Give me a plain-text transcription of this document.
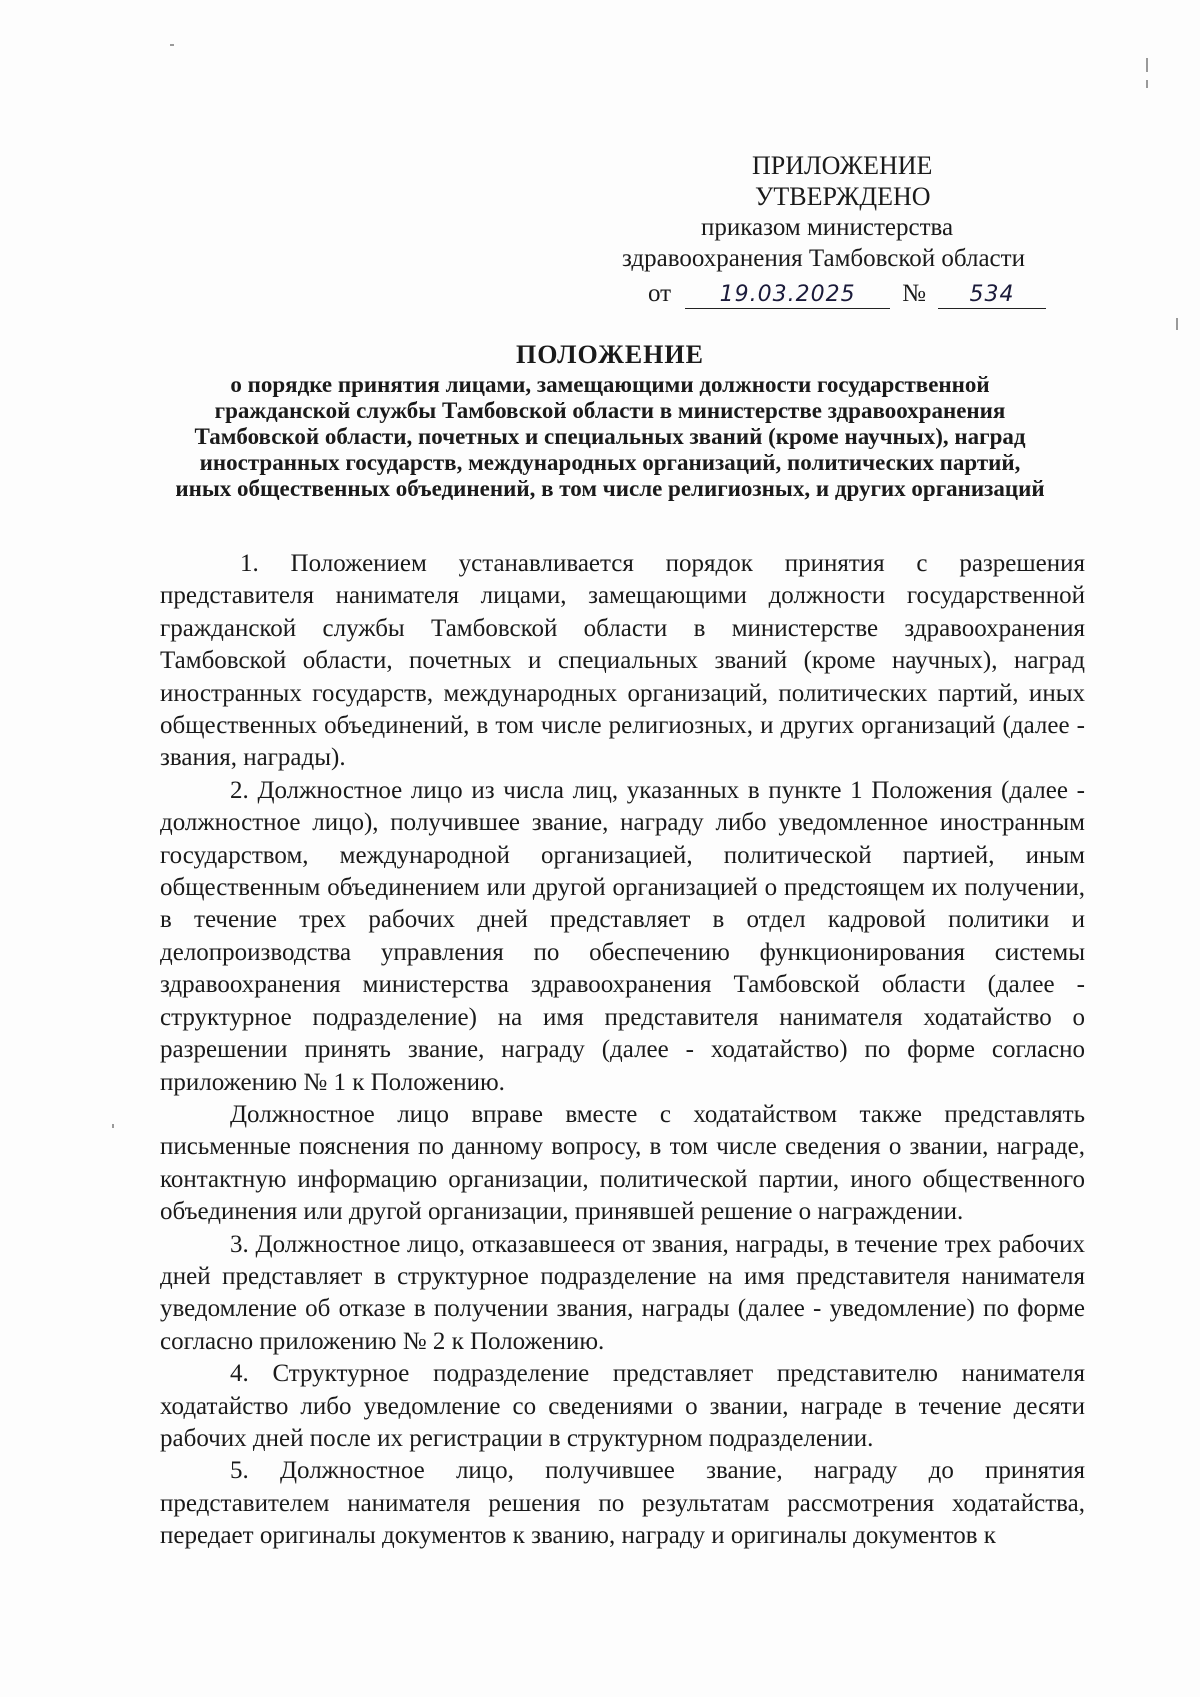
ПРИЛОЖЕНИЕ
УТВЕРЖДЕНО
приказом министерства
здравоохранения Тамбовской области
от	19.03.2025	№	534
ПОЛОЖЕНИЕ
о порядке принятия лицами, замещающими должности государственной гражданской службы Тамбовской области в министерстве здравоохранения Тамбовской области, почетных и специальных званий (кроме научных), наград иностранных государств, международных организаций, политических партий, иных общественных объединений, в том числе религиозных, и других организаций

1. Положением устанавливается порядок принятия с разрешения представителя нанимателя лицами, замещающими должности государственной гражданской службы Тамбовской области в министерстве здравоохранения Тамбовской области, почетных и специальных званий (кроме научных), наград иностранных государств, международных организаций, политических партий, иных общественных объединений, в том числе религиозных, и других организаций (далее - звания, награды).

2. Должностное лицо из числа лиц, указанных в пункте 1 Положения (далее - должностное лицо), получившее звание, награду либо уведомленное иностранным государством, международной организацией, политической партией, иным общественным объединением или другой организацией о предстоящем их получении, в течение трех рабочих дней представляет в отдел кадровой политики и делопроизводства управления по обеспечению функционирования системы здравоохранения министерства здравоохранения Тамбовской области (далее - структурное подразделение) на имя представителя нанимателя ходатайство о разрешении принять звание, награду (далее - ходатайство) по форме согласно приложению № 1 к Положению.

Должностное лицо вправе вместе с ходатайством также представлять письменные пояснения по данному вопросу, в том числе сведения о звании, награде, контактную информацию организации, политической партии, иного общественного объединения или другой организации, принявшей решение о награждении.

3. Должностное лицо, отказавшееся от звания, награды, в течение трех рабочих дней представляет в структурное подразделение на имя представителя нанимателя уведомление об отказе в получении звания, награды (далее - уведомление) по форме согласно приложению № 2 к Положению.

4. Структурное подразделение представляет представителю нанимателя ходатайство либо уведомление со сведениями о звании, награде в течение десяти рабочих дней после их регистрации в структурном подразделении.

5. Должностное лицо, получившее звание, награду до принятия представителем нанимателя решения по результатам рассмотрения ходатайства, передает оригиналы документов к званию, награду и оригиналы документов к
